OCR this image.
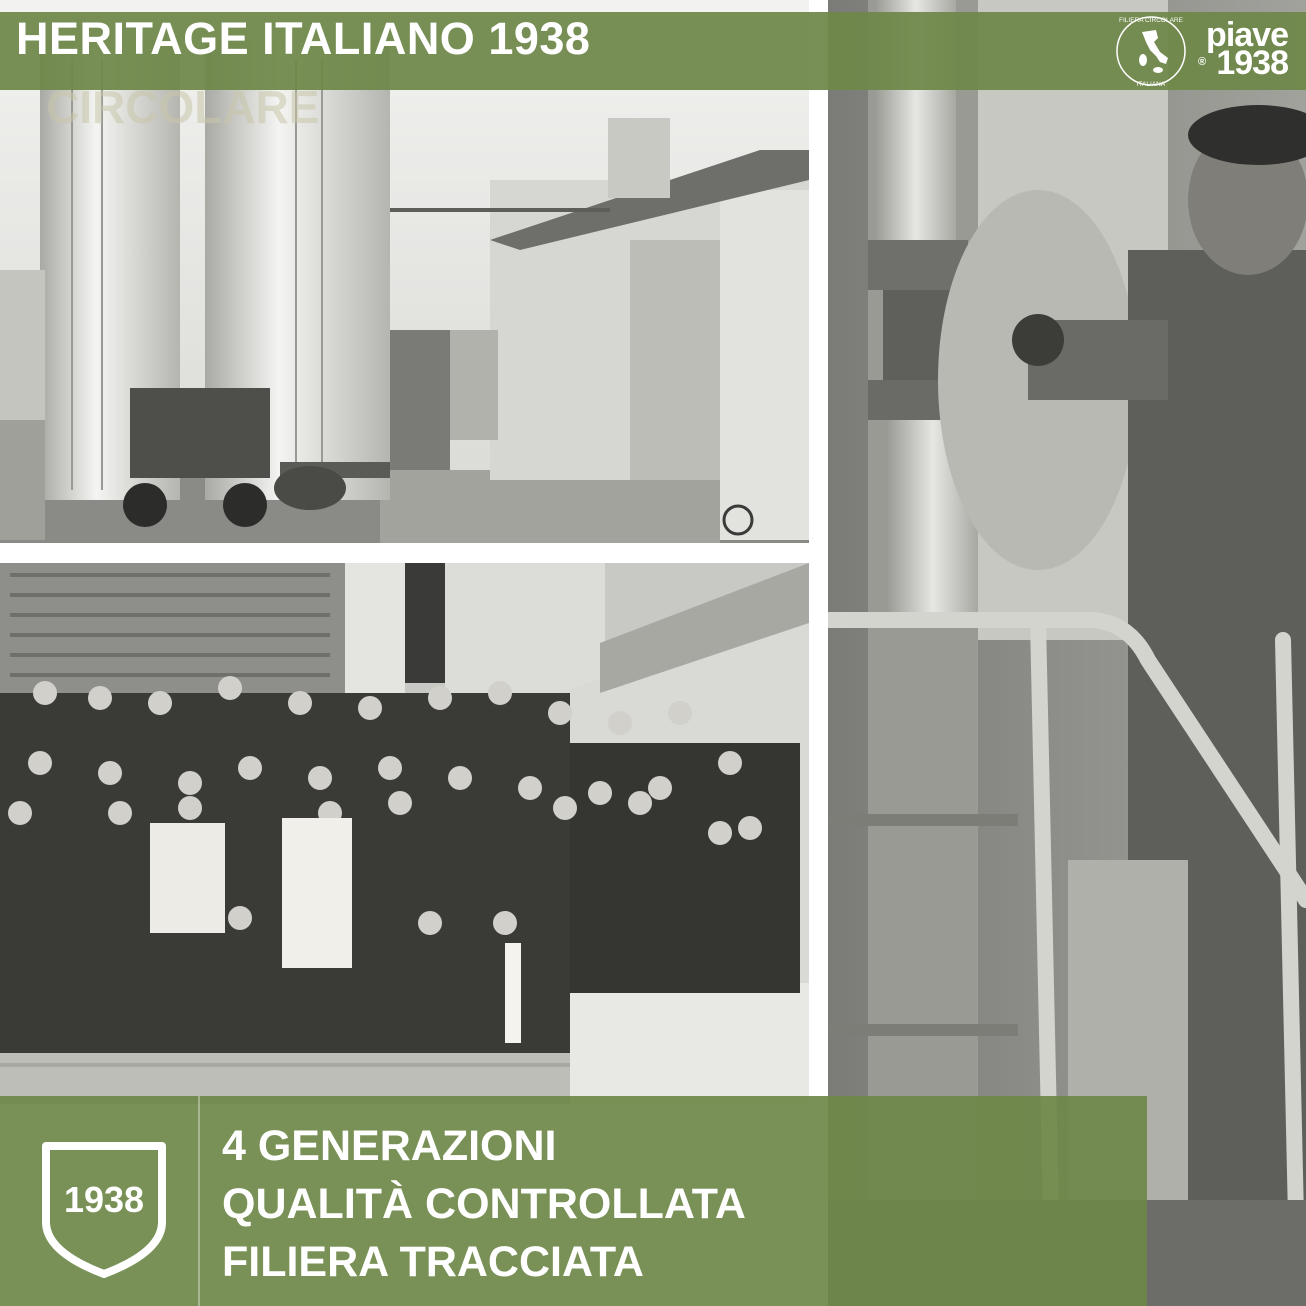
HERITAGE ITALIANO 1938
CIRCOLARE
FILIERA CIRCOLARE
ITALIANA
piave
1938
®
1938
4 GENERAZIONI
QUALITÀ CONTROLLATA
FILIERA TRACCIATA
